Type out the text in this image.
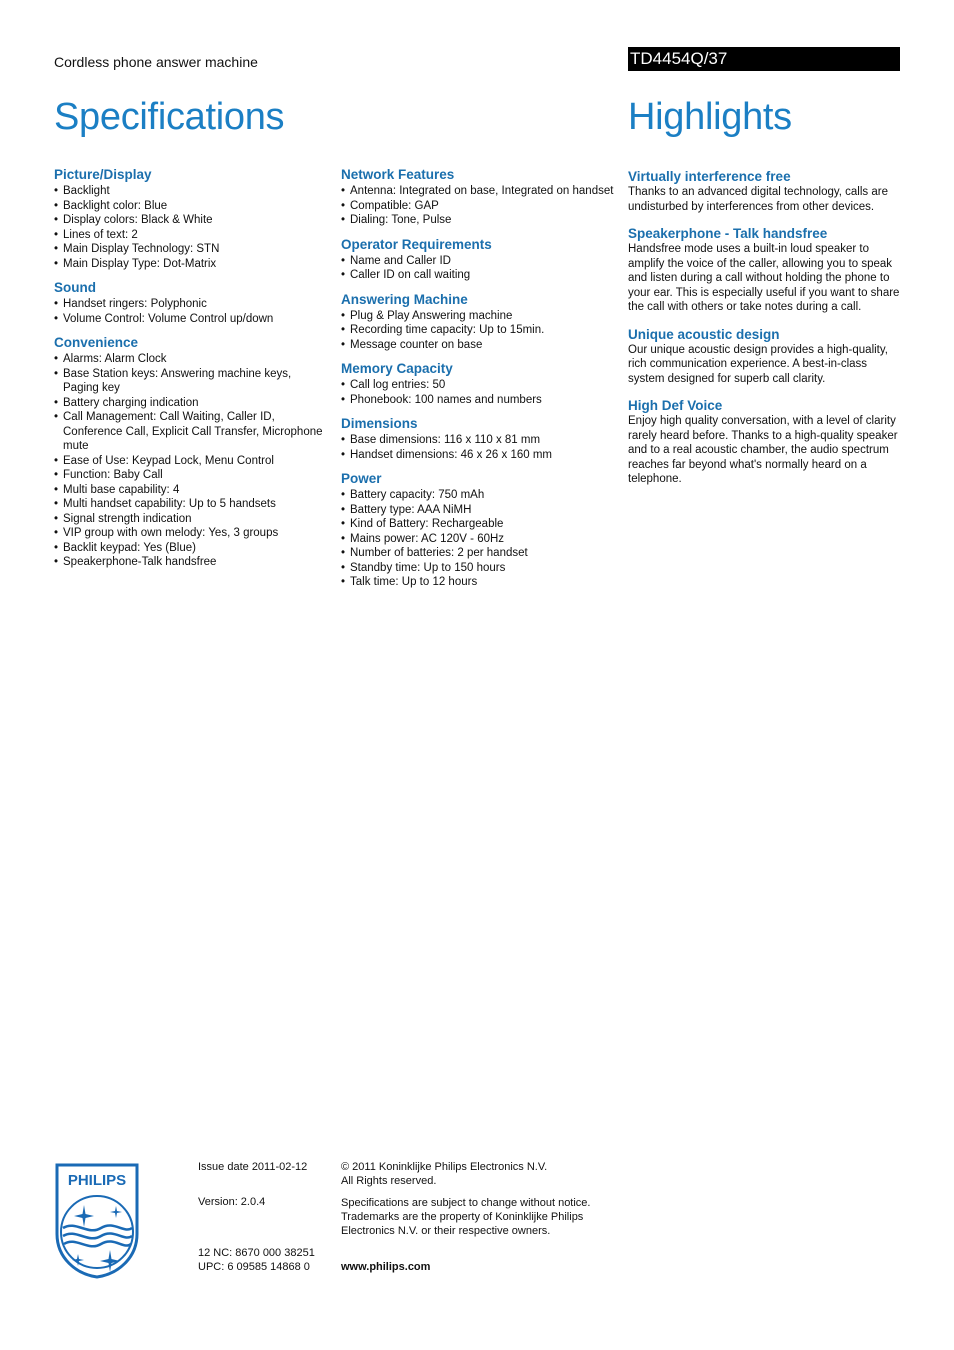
Cordless phone answer machine	TD4454Q/37
Specifications	Highlights
Picture/Display
• Backlight
• Backlight color: Blue
• Display colors: Black & White
• Lines of text: 2
• Main Display Technology: STN
• Main Display Type: Dot-Matrix
Sound
• Handset ringers: Polyphonic
• Volume Control: Volume Control up/down
Convenience
• Alarms: Alarm Clock
• Base Station keys: Answering machine keys, Paging key
• Battery charging indication
• Call Management: Call Waiting, Caller ID, Conference Call, Explicit Call Transfer, Microphone mute
• Ease of Use: Keypad Lock, Menu Control
• Function: Baby Call
• Multi base capability: 4
• Multi handset capability: Up to 5 handsets
• Signal strength indication
• VIP group with own melody: Yes, 3 groups
• Backlit keypad: Yes (Blue)
• Speakerphone-Talk handsfree
Network Features
• Antenna: Integrated on base, Integrated on handset
• Compatible: GAP
• Dialing: Tone, Pulse
Operator Requirements
• Name and Caller ID
• Caller ID on call waiting
Answering Machine
• Plug & Play Answering machine
• Recording time capacity: Up to 15min.
• Message counter on base
Memory Capacity
• Call log entries: 50
• Phonebook: 100 names and numbers
Dimensions
• Base dimensions: 116 x 110 x 81 mm
• Handset dimensions: 46 x 26 x 160 mm
Power
• Battery capacity: 750 mAh
• Battery type: AAA NiMH
• Kind of Battery: Rechargeable
• Mains power: AC 120V - 60Hz
• Number of batteries: 2 per handset
• Standby time: Up to 150 hours
• Talk time: Up to 12 hours
Virtually interference free

Thanks to an advanced digital technology, calls are undisturbed by interferences from other devices.

Speakerphone - Talk handsfree

Handsfree mode uses a built-in loud speaker to amplify the voice of the caller, allowing you to speak and listen during a call without holding the phone to your ear. This is especially useful if you want to share the call with others or take notes during a call.

Unique acoustic design

Our unique acoustic design provides a high-quality, rich communication experience. A best-in-class system designed for superb call clarity.

High Def Voice

Enjoy high quality conversation, with a level of clarity rarely heard before. Thanks to a high-quality speaker and to a real acoustic chamber, the audio spectrum reaches far beyond what's normally heard on a telephone.

PHILIPS

Issue date 2011-02-12

Version: 2.0.4

12 NC: 8670 000 38251

UPC: 6 09585 14868 0

© 2011 Koninklijke Philips Electronics N.V.

All Rights reserved.

Specifications are subject to change without notice.

Trademarks are the property of Koninklijke Philips

Electronics N.V. or their respective owners.

www.philips.com
